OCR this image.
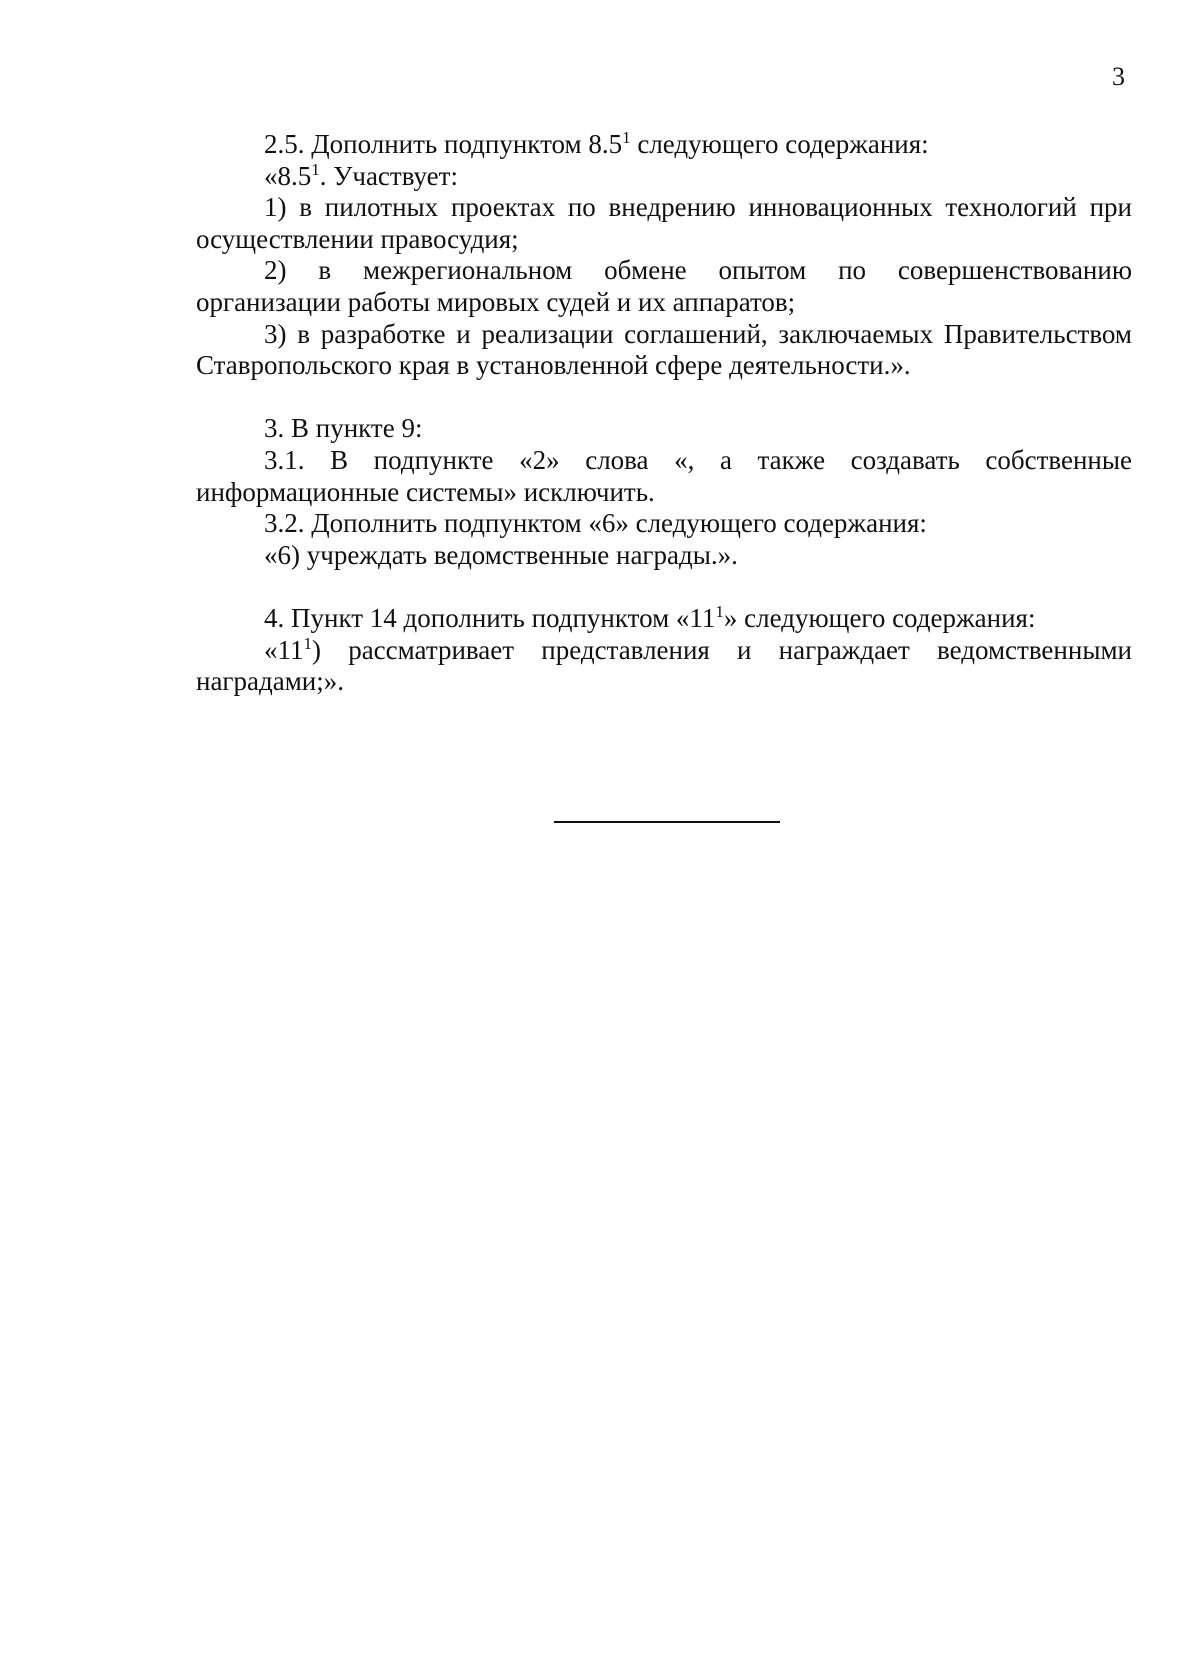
3

2.5. Дополнить подпунктом $8.5^1$ следующего содержания:

«$8.5^1$. Участвует:

1) в пилотных проектах по внедрению инновационных технологий при осуществлении правосудия;

2) в межрегиональном обмене опытом по совершенствованию организации работы мировых судей и их аппаратов;

3) в разработке и реализации соглашений, заключаемых Правительством Ставропольского края в установленной сфере деятельности.».

3. В пункте 9:

3.1. В подпункте «2» слова «, а также создавать собственные информационные системы» исключить.

3.2. Дополнить подпунктом «6» следующего содержания:

«6) учреждать ведомственные награды.».

4. Пункт 14 дополнить подпунктом «$11^1$» следующего содержания:

«$11^1$) рассматривает представления и награждает ведомственными наградами;».
